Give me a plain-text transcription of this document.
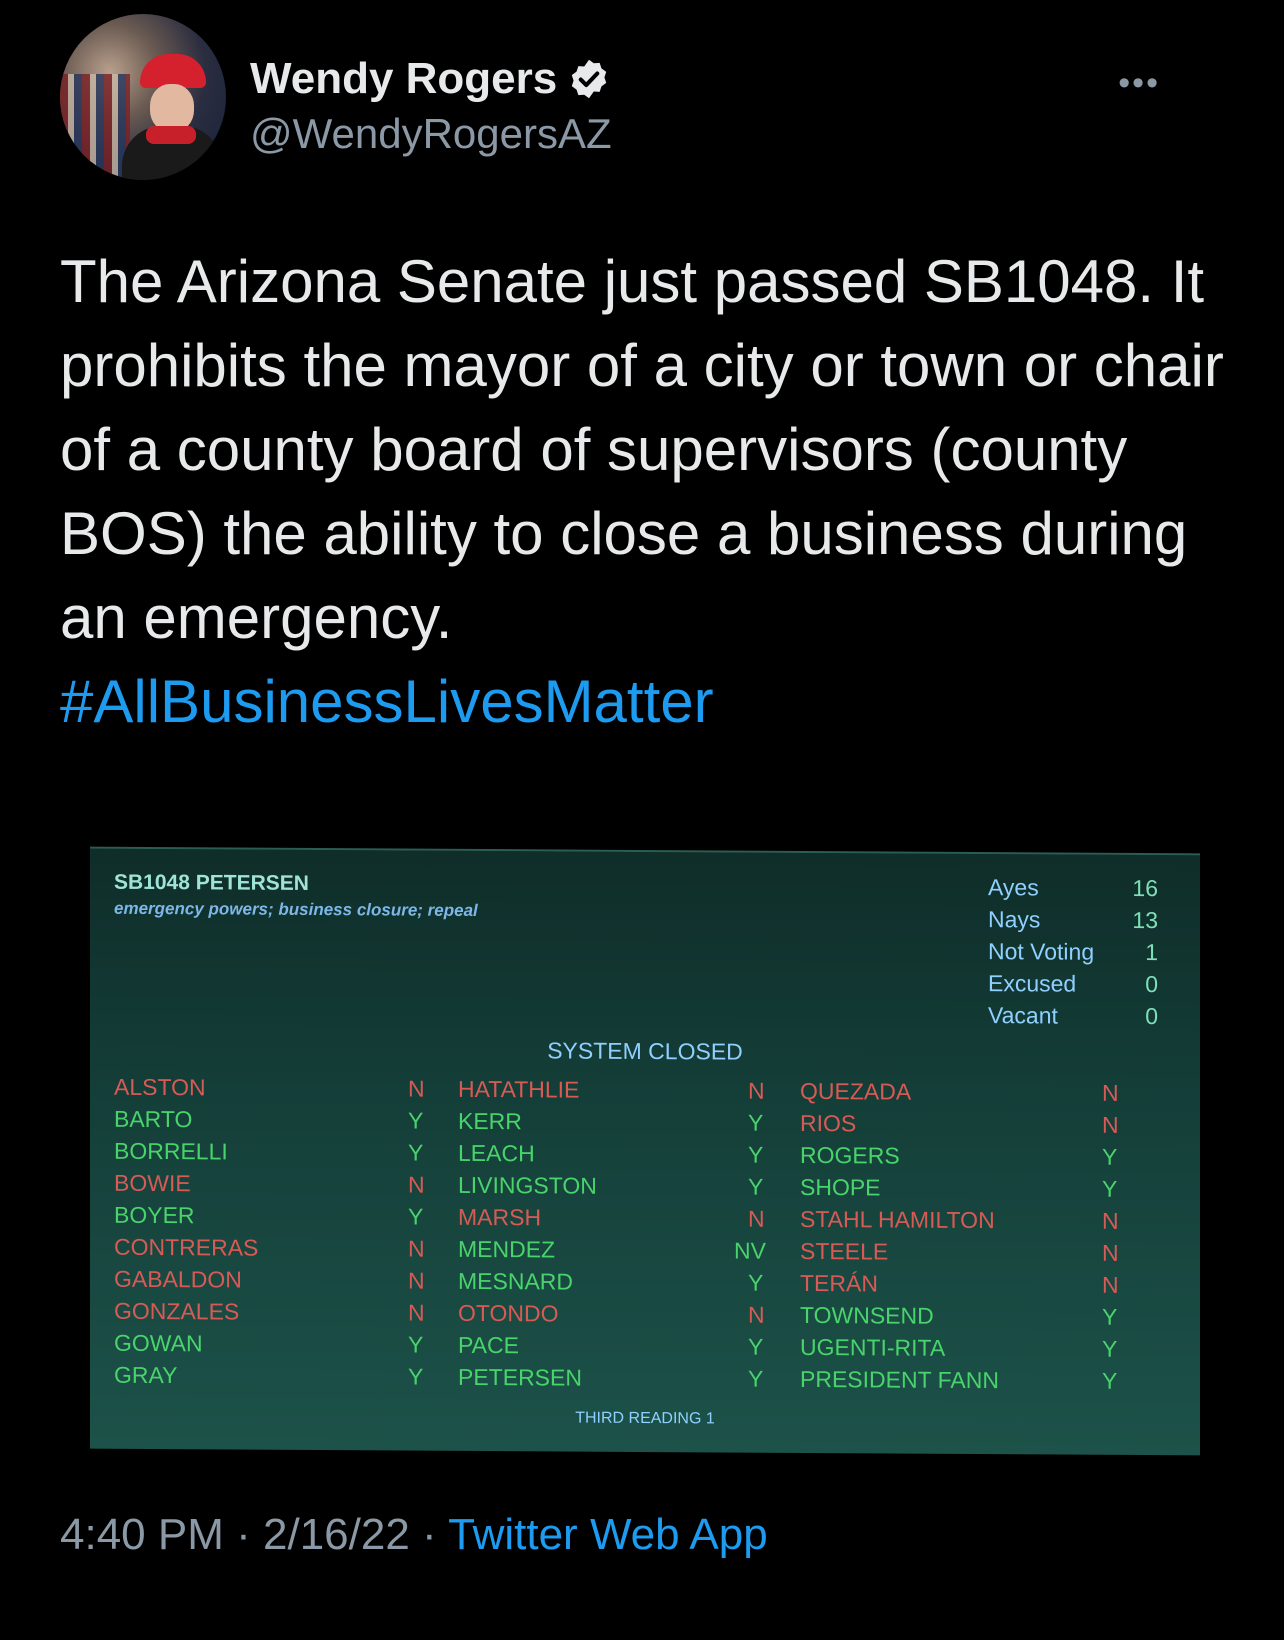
Wendy Rogers
@WendyRogersAZ
•••
The Arizona Senate just passed SB1048. It prohibits the mayor of a city or town or chair of a county board of supervisors (county BOS) the ability to close a business during an emergency.
#AllBusinessLivesMatter
SB1048 PETERSEN
emergency powers; business closure; repeal
Ayes	16
Nays	13
Not Voting 1
Excused	0
Vacant	0
SYSTEM CLOSED
ALSTON	N
BARTO	Y
BORRELLI	Y
BOWIE	N
BOYER	Y
CONTRERAS	N
GABALDON	N
GONZALES	N
GOWAN	Y
GRAY	Y
HATATHLIE	N
KERR	Y
LEACH	Y
LIVINGSTON	Y
MARSH	N
MENDEZ	NV
MESNARD	Y
OTONDO	N
PACE	Y
PETERSEN	Y
QUEZADA	N
RIOS	N
ROGERS	Y
SHOPE	Y
STAHL HAMILTON	N
STEELE	N
TERÁN	N
TOWNSEND	Y
UGENTI-RITA	Y
PRESIDENT FANN	Y
THIRD READING 1
4:40 PM · 2/16/22 · Twitter Web App
